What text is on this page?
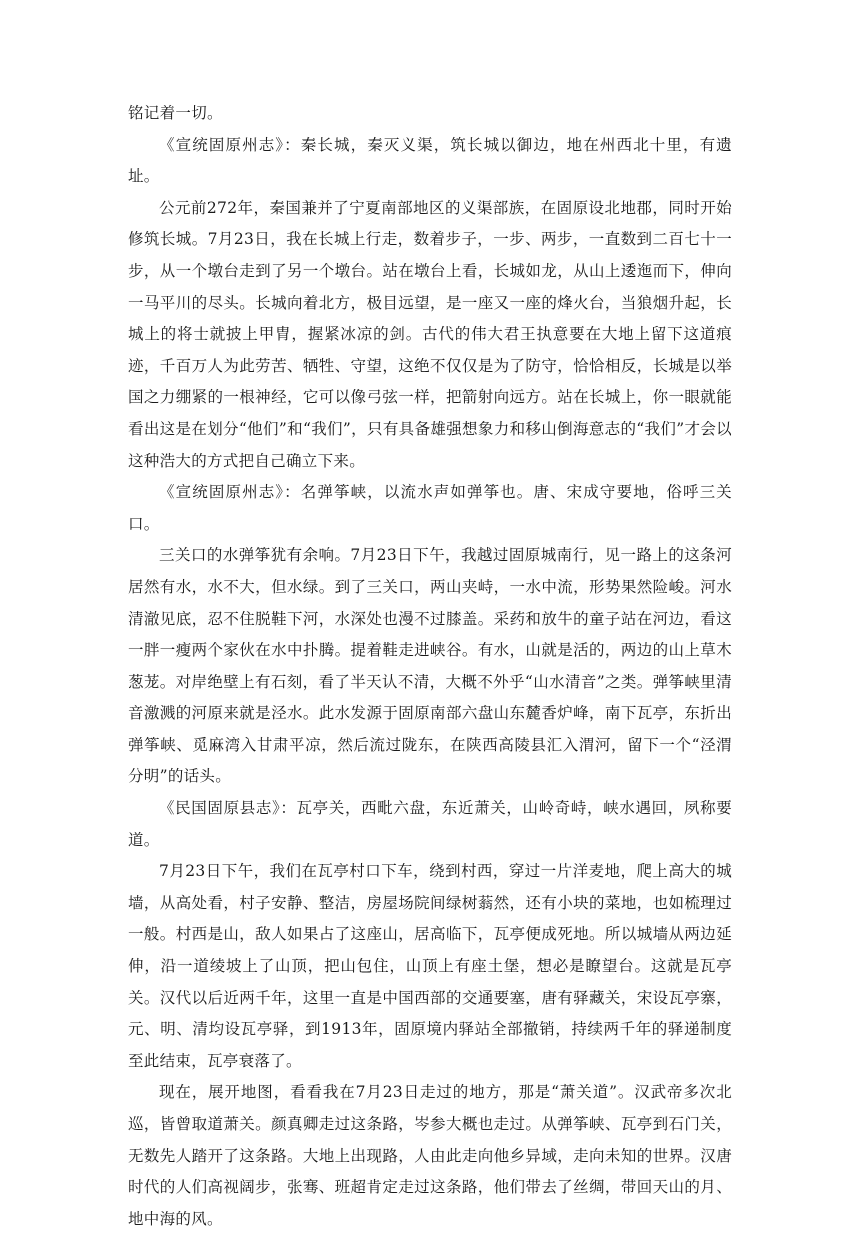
铭记着一切。

《宣统固原州志》：秦长城，秦灭义渠，筑长城以御边，地在州西北十里，有遗址。

公元前272年，秦国兼并了宁夏南部地区的义渠部族，在固原设北地郡，同时开始修筑长城。7月23日，我在长城上行走，数着步子，一步、两步，一直数到二百七十一步，从一个墩台走到了另一个墩台。站在墩台上看，长城如龙，从山上逶迤而下，伸向一马平川的尽头。长城向着北方，极目远望，是一座又一座的烽火台，当狼烟升起，长城上的将士就披上甲胄，握紧冰凉的剑。古代的伟大君王执意要在大地上留下这道痕迹，千百万人为此劳苦、牺牲、守望，这绝不仅仅是为了防守，恰恰相反，长城是以举国之力绷紧的一根神经，它可以像弓弦一样，把箭射向远方。站在长城上，你一眼就能看出这是在划分“他们”和“我们”，只有具备雄强想象力和移山倒海意志的“我们”才会以这种浩大的方式把自己确立下来。

《宣统固原州志》：名弹筝峡，以流水声如弹筝也。唐、宋成守要地，俗呼三关口。

三关口的水弹筝犹有余响。7月23日下午，我越过固原城南行，见一路上的这条河居然有水，水不大，但水绿。到了三关口，两山夹峙，一水中流，形势果然险峻。河水清澈见底，忍不住脱鞋下河，水深处也漫不过膝盖。采药和放牛的童子站在河边，看这一胖一瘦两个家伙在水中扑腾。提着鞋走进峡谷。有水，山就是活的，两边的山上草木葱茏。对岸绝壁上有石刻，看了半天认不清，大概不外乎“山水清音”之类。弹筝峡里清音激溅的河原来就是泾水。此水发源于固原南部六盘山东麓香炉峰，南下瓦亭，东折出弹筝峡、觅麻湾入甘肃平凉，然后流过陇东，在陕西高陵县汇入渭河，留下一个“泾渭分明”的话头。

《民国固原县志》：瓦亭关，西毗六盘，东近萧关，山岭奇峙，峡水遇回，夙称要道。

7月23日下午，我们在瓦亭村口下车，绕到村西，穿过一片洋麦地，爬上高大的城墙，从高处看，村子安静、整洁，房屋场院间绿树蓊然，还有小块的菜地，也如梳理过一般。村西是山，敌人如果占了这座山，居高临下，瓦亭便成死地。所以城墙从两边延伸，沿一道绫坡上了山顶，把山包住，山顶上有座土堡，想必是瞭望台。这就是瓦亭关。汉代以后近两千年，这里一直是中国西部的交通要塞，唐有驿藏关，宋设瓦亭寨，元、明、清均设瓦亭驿，到1913年，固原境内驿站全部撤销，持续两千年的驿递制度至此结束，瓦亭衰落了。

现在，展开地图，看看我在7月23日走过的地方，那是“萧关道”。汉武帝多次北巡，皆曾取道萧关。颜真卿走过这条路，岑参大概也走过。从弹筝峡、瓦亭到石门关，无数先人踏开了这条路。大地上出现路，人由此走向他乡异域，走向未知的世界。汉唐时代的人们高视阔步，张骞、班超肯定走过这条路，他们带去了丝绸，带回天山的月、地中海的风。
